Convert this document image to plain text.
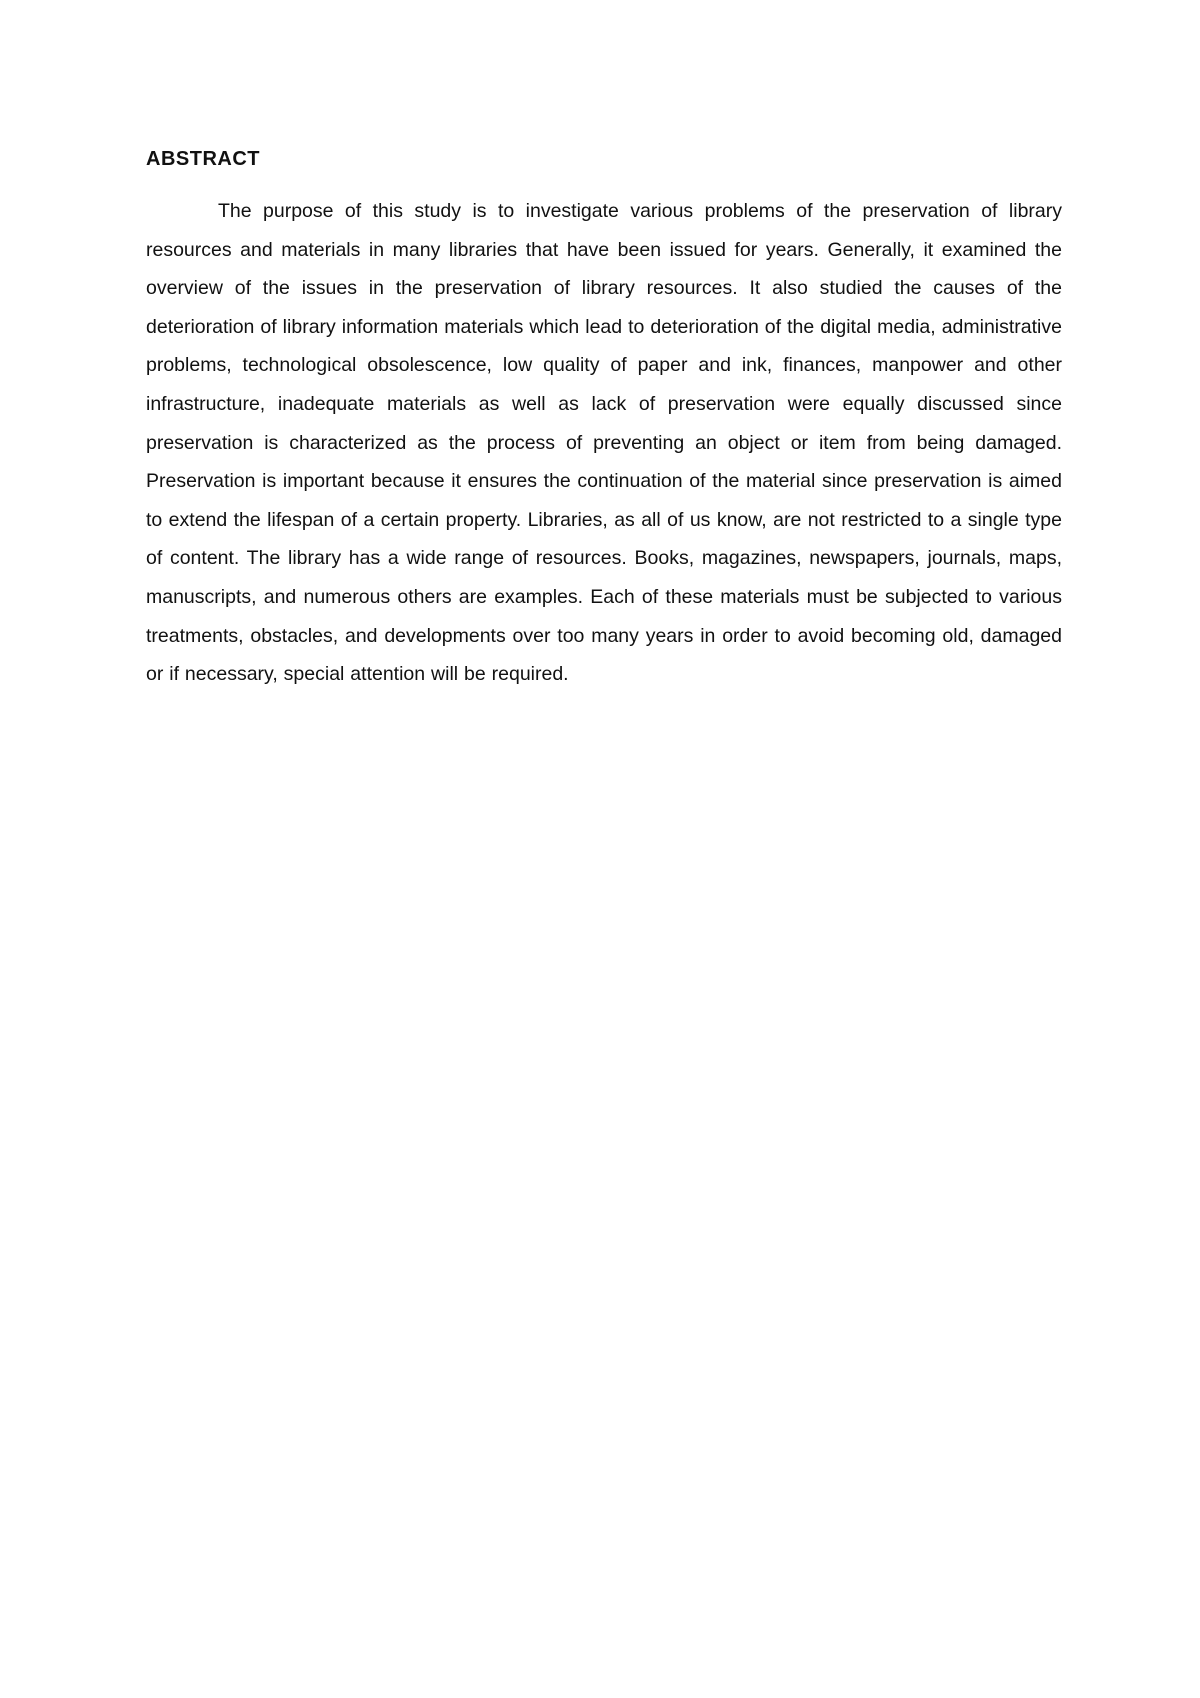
ABSTRACT

The purpose of this study is to investigate various problems of the preservation of library resources and materials in many libraries that have been issued for years. Generally, it examined the overview of the issues in the preservation of library resources. It also studied the causes of the deterioration of library information materials which lead to deterioration of the digital media, administrative problems, technological obsolescence, low quality of paper and ink, finances, manpower and other infrastructure, inadequate materials as well as lack of preservation were equally discussed since preservation is characterized as the process of preventing an object or item from being damaged. Preservation is important because it ensures the continuation of the material since preservation is aimed to extend the lifespan of a certain property. Libraries, as all of us know, are not restricted to a single type of content. The library has a wide range of resources. Books, magazines, newspapers, journals, maps, manuscripts, and numerous others are examples. Each of these materials must be subjected to various treatments, obstacles, and developments over too many years in order to avoid becoming old, damaged or if necessary, special attention will be required.
